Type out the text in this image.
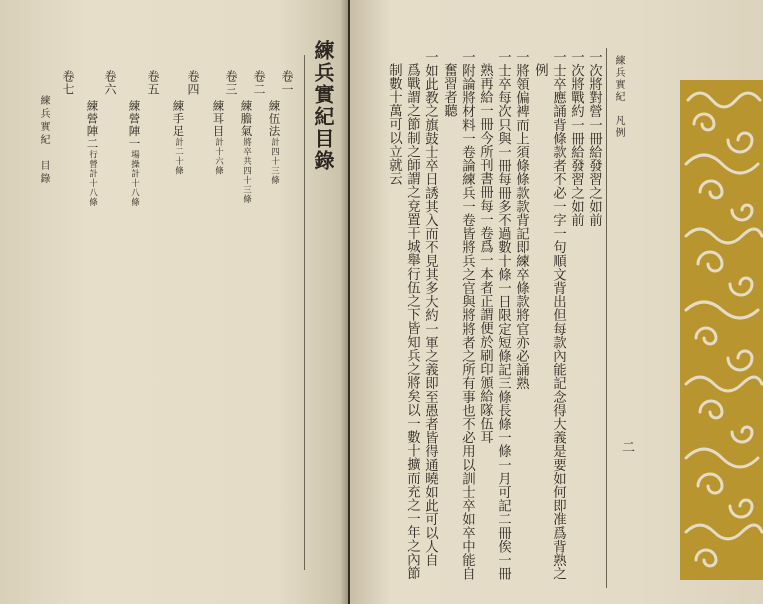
練兵實紀目錄
卷一
練伍法計四十三條
卷二
練膽氣將卒共四十三條
卷三
練耳目計十六條
卷四
練手足計二十條
卷五
練營陣一場操計十八條
卷六
練營陣二行營計十八條
卷七
練兵實紀　目錄	練兵實紀　凡例
一次將對營一冊給發習之如前
一次將戰約一冊給發習之如前
一士卒應誦背條款者不必一字一句順文背出但每款內能記念得大義是要如何即准爲背熟之
例
一將領偏裨而上須條條款款背記即練卒條款將官亦必誦熟
一士卒每次只與一冊每冊多不過數十條一日限定短條記三條長條一條一月可記二冊俟一冊
熟再給一冊今所刊書冊每一卷爲一本者正謂便於刷印頒給隊伍耳
一附論將材料一卷論練兵一卷皆將兵之官與將將者之所有事也不必用以訓士卒如卒中能自
奮習者聽
一如此教之旗鼓士卒日誘其入而不見其多大約一軍之義即至愚者皆得通曉如此可以人自
爲戰謂之節制之師謂之兗置干城舉行伍之下皆知兵之將矣以一數十擴而充之一年之內節
制數十萬可以立就云
二
